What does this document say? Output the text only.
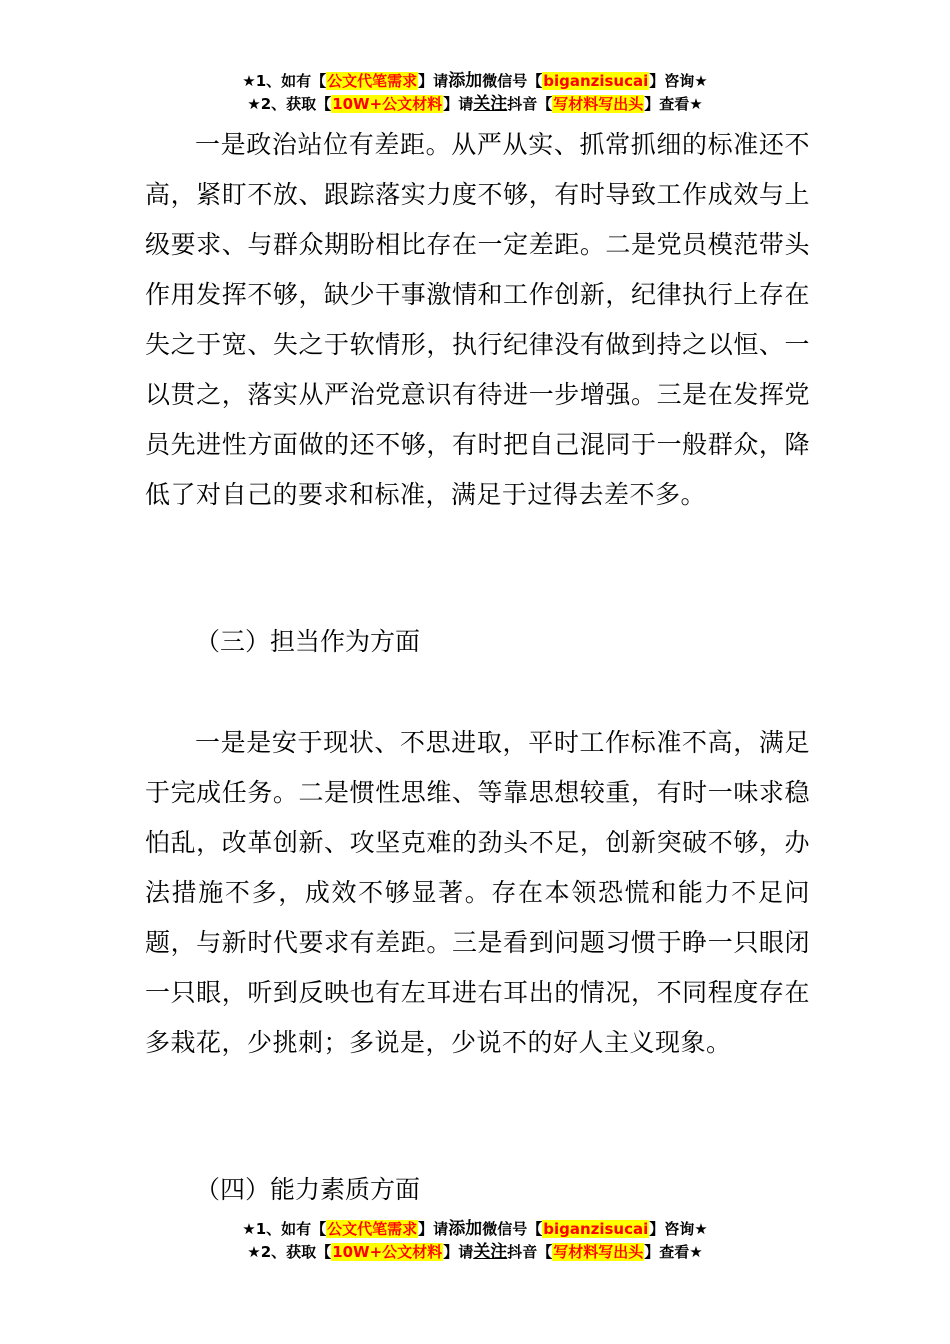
★1、如有【公文代笔需求】请添加微信号【biganzisucai】咨询★
★2、获取【10W+公文材料】请关注抖音【写材料写出头】查看★

一是政治站位有差距。从严从实、抓常抓细的标准还不高，紧盯不放、跟踪落实力度不够，有时导致工作成效与上级要求、与群众期盼相比存在一定差距。二是党员模范带头作用发挥不够，缺少干事激情和工作创新，纪律执行上存在失之于宽、失之于软情形，执行纪律没有做到持之以恒、一以贯之，落实从严治党意识有待进一步增强。三是在发挥党员先进性方面做的还不够，有时把自己混同于一般群众，降低了对自己的要求和标准，满足于过得去差不多。

（三）担当作为方面

一是是安于现状、不思进取，平时工作标准不高，满足于完成任务。二是惯性思维、等靠思想较重，有时一味求稳怕乱，改革创新、攻坚克难的劲头不足，创新突破不够，办法措施不多，成效不够显著。存在本领恐慌和能力不足问题，与新时代要求有差距。三是看到问题习惯于睁一只眼闭一只眼，听到反映也有左耳进右耳出的情况，不同程度存在多栽花，少挑刺；多说是，少说不的好人主义现象。

（四）能力素质方面
★1、如有【公文代笔需求】请添加微信号【biganzisucai】咨询★
★2、获取【10W+公文材料】请关注抖音【写材料写出头】查看★
